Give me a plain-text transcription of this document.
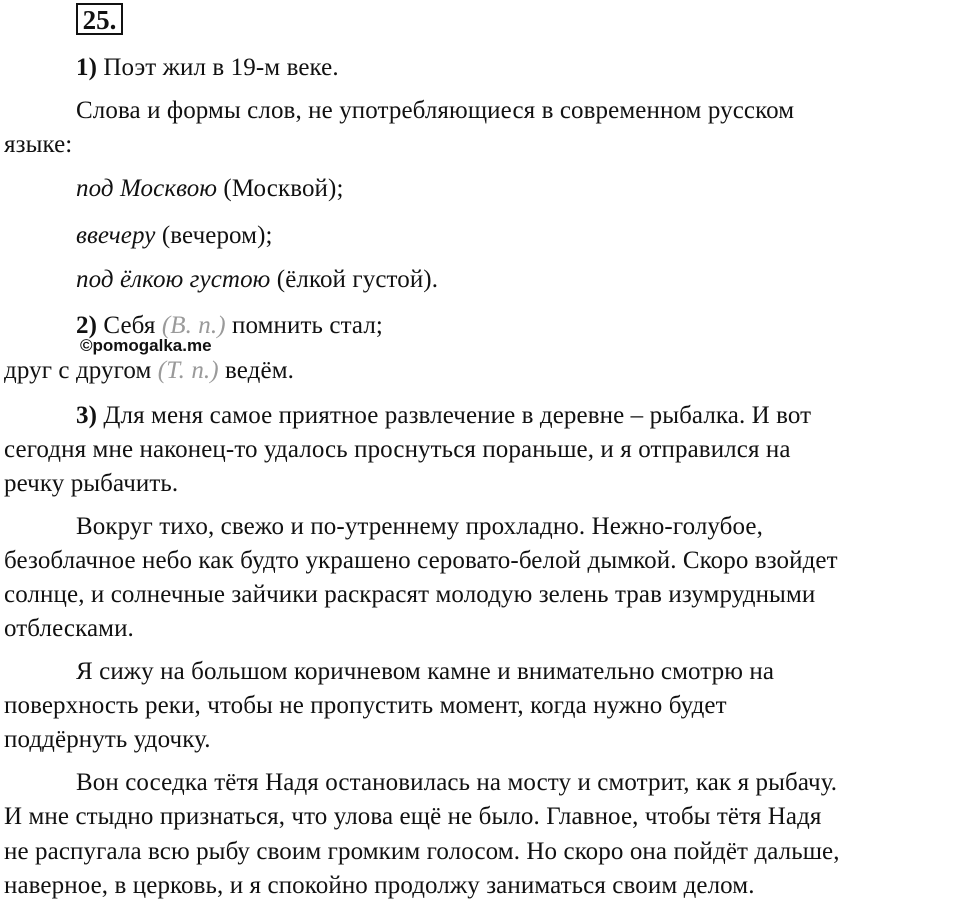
25.
1) Поэт жил в 19-м веке.
Слова и формы слов, не употребляющиеся в современном русском
языке:
под Москвою (Москвой);
ввечеру (вечером);
под ёлкою густою (ёлкой густой).
2) Себя (В. п.) помнить стал;
©pomogalka.me
друг с другом (Т. п.) ведём.
3) Для меня самое приятное развлечение в деревне – рыбалка. И вот
сегодня мне наконец-то удалось проснуться пораньше, и я отправился на
речку рыбачить.
Вокруг тихо, свежо и по-утреннему прохладно. Нежно-голубое,
безоблачное небо как будто украшено серовато-белой дымкой. Скоро взойдет
солнце, и солнечные зайчики раскрасят молодую зелень трав изумрудными
отблесками.
Я сижу на большом коричневом камне и внимательно смотрю на
поверхность реки, чтобы не пропустить момент, когда нужно будет
поддёрнуть удочку.
Вон соседка тётя Надя остановилась на мосту и смотрит, как я рыбачу.
И мне стыдно признаться, что улова ещё не было. Главное, чтобы тётя Надя
не распугала всю рыбу своим громким голосом. Но скоро она пойдёт дальше,
наверное, в церковь, и я спокойно продолжу заниматься своим делом.
